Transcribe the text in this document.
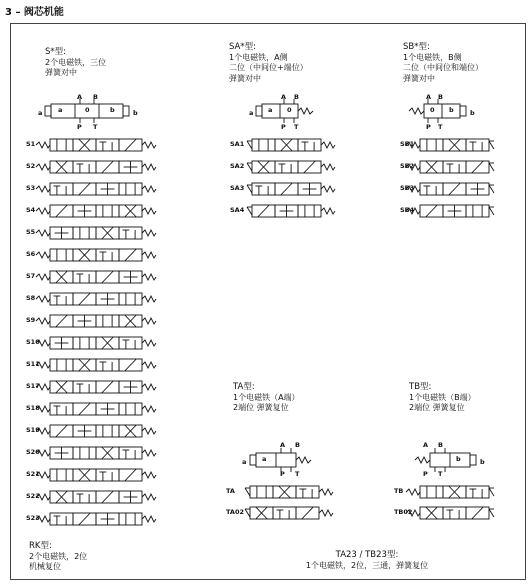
3 – 阀芯机能
S*型:
2个电磁铁，三位
弹簧对中
SA*型:
1个电磁铁，A侧
二位（中间位+端位）
弹簧对中
SB*型:
1个电磁铁，B侧
二位（中间位和端位）
弹簧对中
TA型:
1个电磁铁（A端）
2端位 弹簧复位
TB型:
1个电磁铁（B端）
2端位 弹簧复位
RK型:
2个电磁铁，2位
机械复位
TA23 / TB23型:
1个电磁铁，2位，三通，弹簧复位
a a	0	b	b
A B
P T
a a 0
A B
P T
0 b	b
A B
P T
a a
A B
P T
b	b
A B
P T
S1
S2
S3
S4
S5
S6
S7
S8
S9
S10
S11
S17
S18
S19
S20
S21
S22
S23
SA1
SA2
SA3
SA4
SB1
SB2
SB3
SB4
TA
TA02
TB
TB02
